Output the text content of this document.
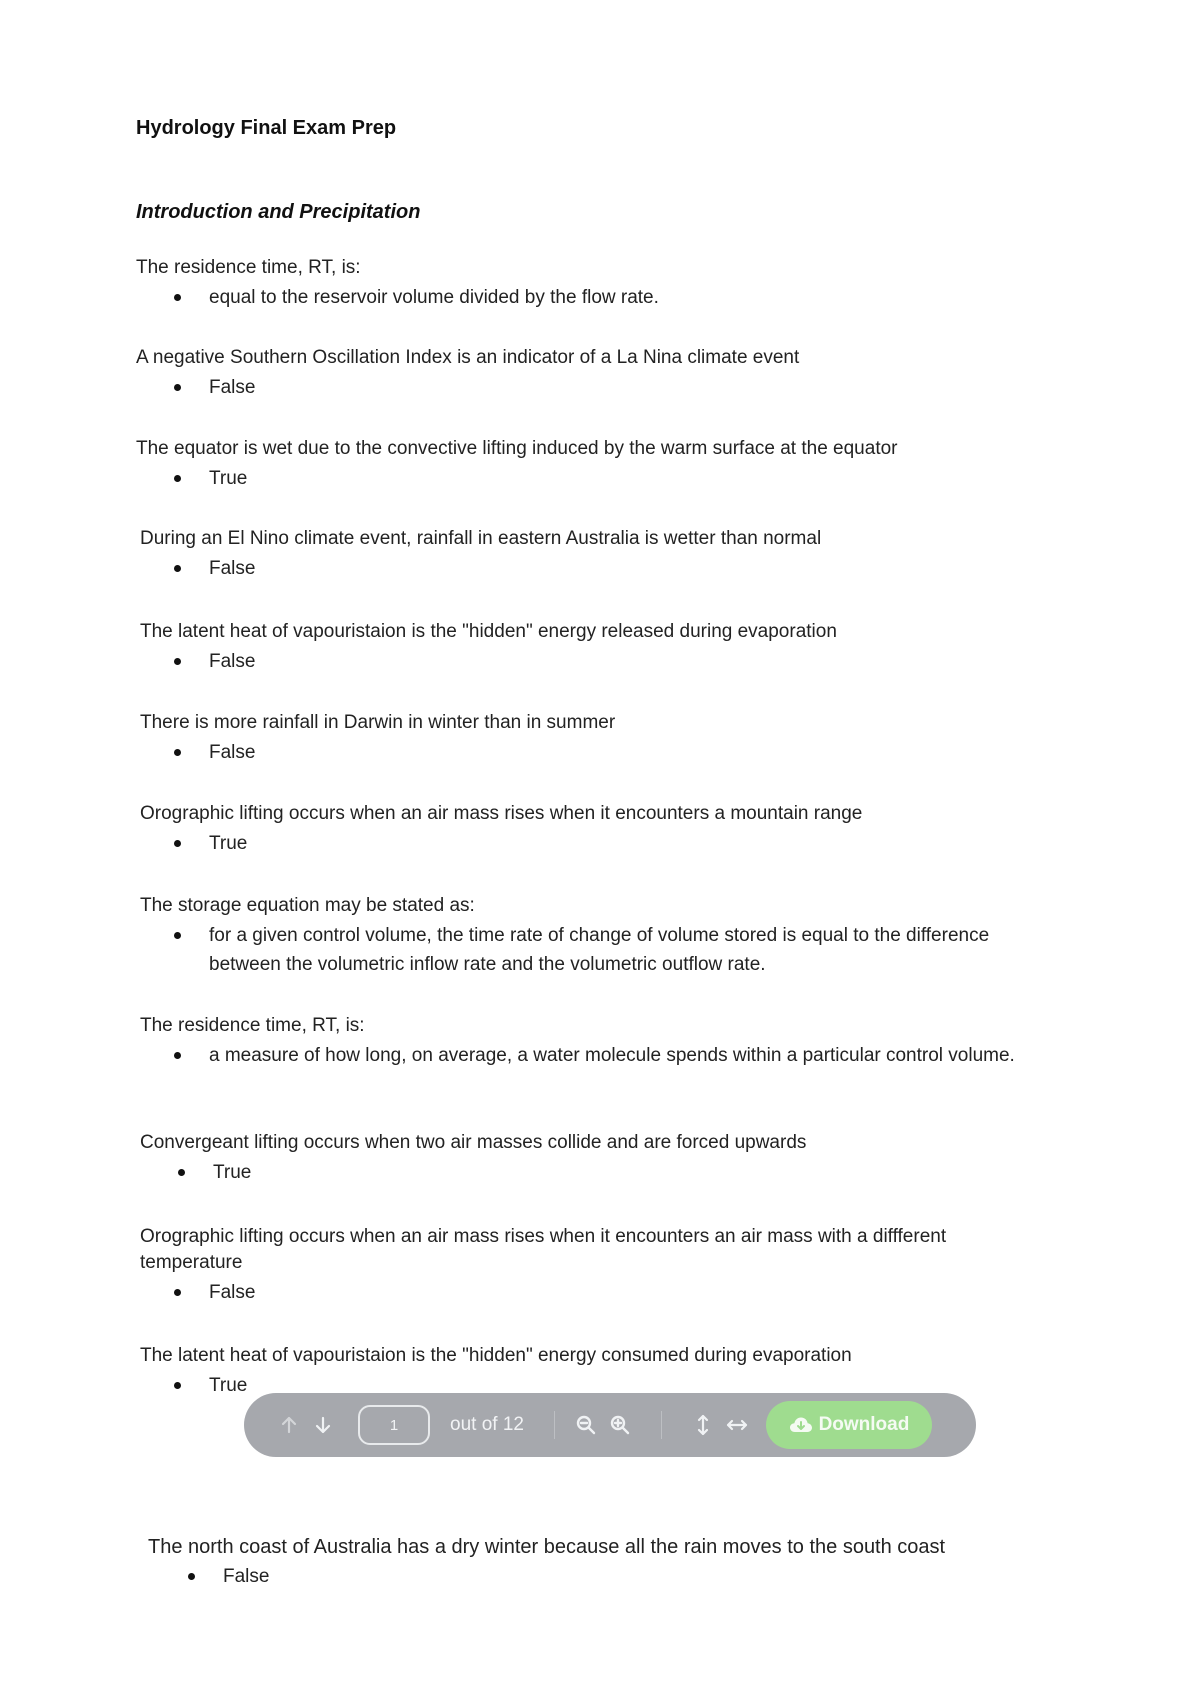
Hydrology Final Exam Prep
Introduction and Precipitation

The residence time, RT, is:

equal to the reservoir volume divided by the flow rate.

A negative Southern Oscillation Index is an indicator of a La Nina climate event

False

The equator is wet due to the convective lifting induced by the warm surface at the equator

True

During an El Nino climate event, rainfall in eastern Australia is wetter than normal

False

The latent heat of vapouristaion is the "hidden" energy released during evaporation

False

There is more rainfall in Darwin in winter than in summer

False

Orographic lifting occurs when an air mass rises when it encounters a mountain range

True

The storage equation may be stated as:

for a given control volume, the time rate of change of volume stored is equal to the difference between the volumetric inflow rate and the volumetric outflow rate.

The residence time, RT, is:

a measure of how long, on average, a water molecule spends within a particular control volume.

Convergeant lifting occurs when two air masses collide and are forced upwards

True

Orographic lifting occurs when an air mass rises when it encounters an air mass with a diffferent temperature

False

The latent heat of vapouristaion is the "hidden" energy consumed during evaporation

True

The north coast of Australia has a dry winter because all the rain moves to the south coast

False
1
out of 12	Download
